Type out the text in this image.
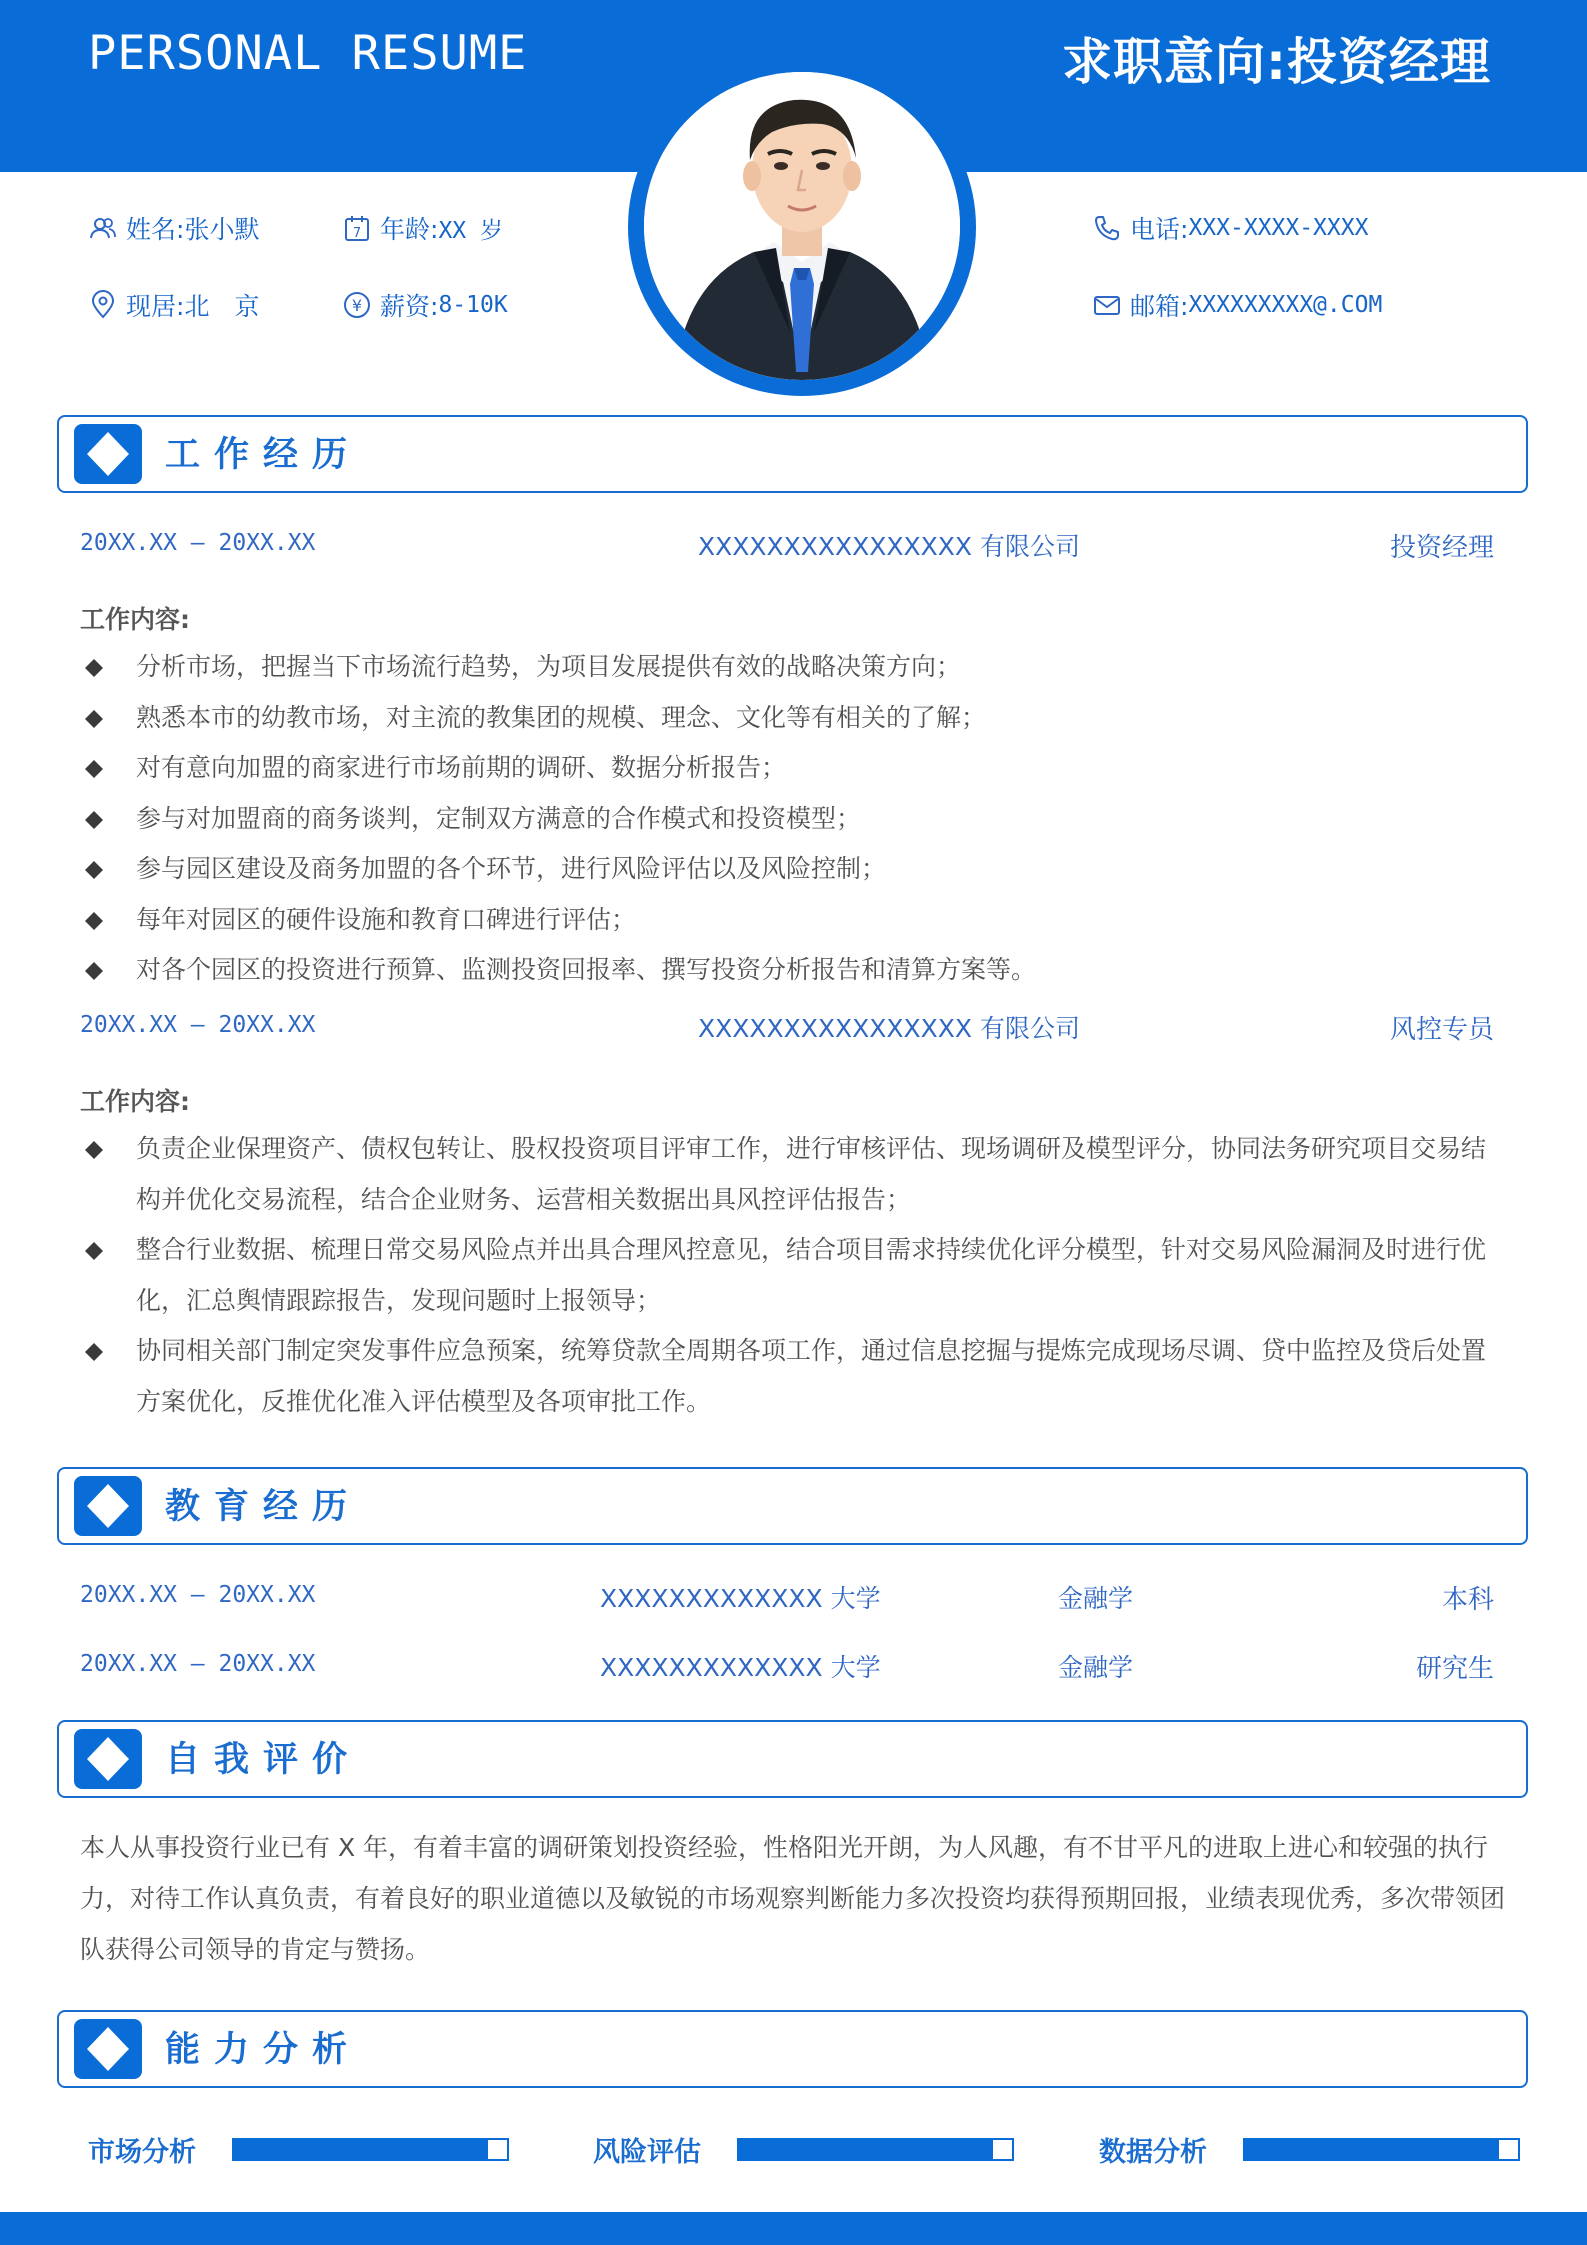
PERSONAL RESUME	求职意向:投资经理
姓名: 张小默	7 年龄: XX 岁
现居: 北　京	¥ 薪资: 8-10K
电话: XXX-XXXX-XXXX
邮箱: XXXXXXXXX@.COM
工作经历
20XX.XX – 20XX.XX	XXXXXXXXXXXXXXXX 有限公司	投资经理
工作内容:
分析市场，把握当下市场流行趋势，为项目发展提供有效的战略决策方向；
熟悉本市的幼教市场，对主流的教集团的规模、理念、文化等有相关的了解；
对有意向加盟的商家进行市场前期的调研、数据分析报告；
参与对加盟商的商务谈判，定制双方满意的合作模式和投资模型；
参与园区建设及商务加盟的各个环节，进行风险评估以及风险控制；
每年对园区的硬件设施和教育口碑进行评估；
对各个园区的投资进行预算、监测投资回报率、撰写投资分析报告和清算方案等。
20XX.XX – 20XX.XX	XXXXXXXXXXXXXXXX 有限公司	风控专员
工作内容:
负责企业保理资产、债权包转让、股权投资项目评审工作，进行审核评估、现场调研及模型评分，协同法务研究项目交易结构并优化交易流程，结合企业财务、运营相关数据出具风控评估报告；
整合行业数据、梳理日常交易风险点并出具合理风控意见，结合项目需求持续优化评分模型，针对交易风险漏洞及时进行优化，汇总舆情跟踪报告，发现问题时上报领导；
协同相关部门制定突发事件应急预案，统筹贷款全周期各项工作，通过信息挖掘与提炼完成现场尽调、贷中监控及贷后处置方案优化，反推优化准入评估模型及各项审批工作。
教育经历
20XX.XX – 20XX.XX	XXXXXXXXXXXXX 大学	金融学	本科
20XX.XX – 20XX.XX	XXXXXXXXXXXXX 大学	金融学	研究生
自我评价
本人从事投资行业已有 X 年，有着丰富的调研策划投资经验，性格阳光开朗，为人风趣，有不甘平凡的进取上进心和较强的执行力，对待工作认真负责，有着良好的职业道德以及敏锐的市场观察判断能力多次投资均获得预期回报，业绩表现优秀，多次带领团队获得公司领导的肯定与赞扬。
能力分析
市场分析	风险评估	数据分析
